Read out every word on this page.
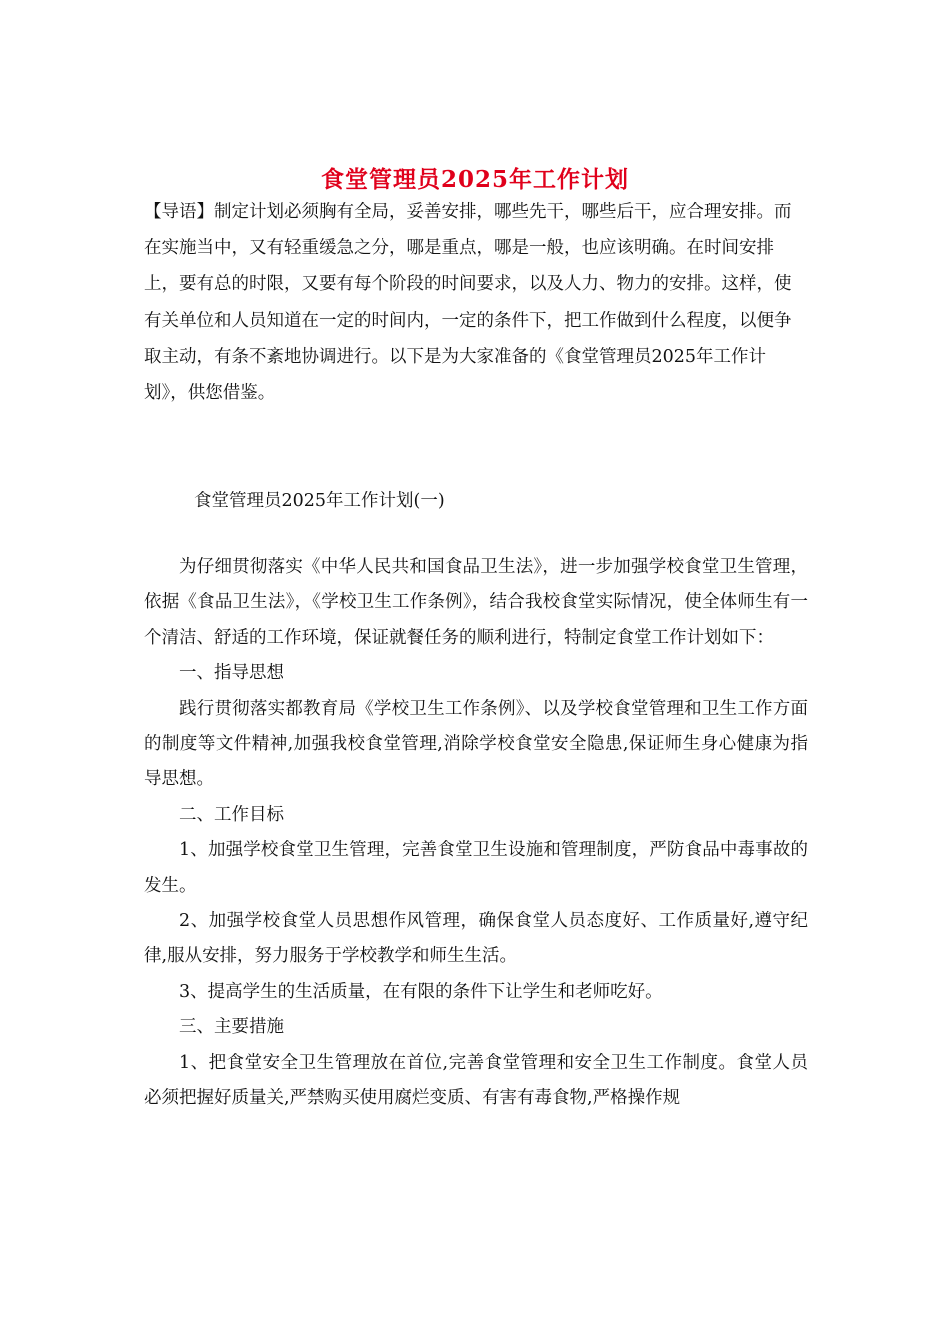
食堂管理员2025年工作计划

【导语】制定计划必须胸有全局，妥善安排，哪些先干，哪些后干，应合理安排。而在实施当中，又有轻重缓急之分，哪是重点，哪是一般，也应该明确。在时间安排上，要有总的时限，又要有每个阶段的时间要求，以及人力、物力的安排。这样，使有关单位和人员知道在一定的时间内，一定的条件下，把工作做到什么程度，以便争取主动，有条不紊地协调进行。以下是为大家准备的《食堂管理员2025年工作计划》，供您借鉴。

食堂管理员2025年工作计划(一)

为仔细贯彻落实《中华人民共和国食品卫生法》，进一步加强学校食堂卫生管理，依据《食品卫生法》，《学校卫生工作条例》，结合我校食堂实际情况，使全体师生有一个清洁、舒适的工作环境，保证就餐任务的顺利进行，特制定食堂工作计划如下：

一、指导思想

践行贯彻落实都教育局《学校卫生工作条例》、以及学校食堂管理和卫生工作方面的制度等文件精神,加强我校食堂管理,消除学校食堂安全隐患,保证师生身心健康为指导思想。

二、工作目标

1、加强学校食堂卫生管理，完善食堂卫生设施和管理制度，严防食品中毒事故的发生。

2、加强学校食堂人员思想作风管理，确保食堂人员态度好、工作质量好,遵守纪律,服从安排，努力服务于学校教学和师生生活。

3、提高学生的生活质量，在有限的条件下让学生和老师吃好。

三、主要措施

1、把食堂安全卫生管理放在首位,完善食堂管理和安全卫生工作制度。食堂人员必须把握好质量关,严禁购买使用腐烂变质、有害有毒食物,严格操作规
